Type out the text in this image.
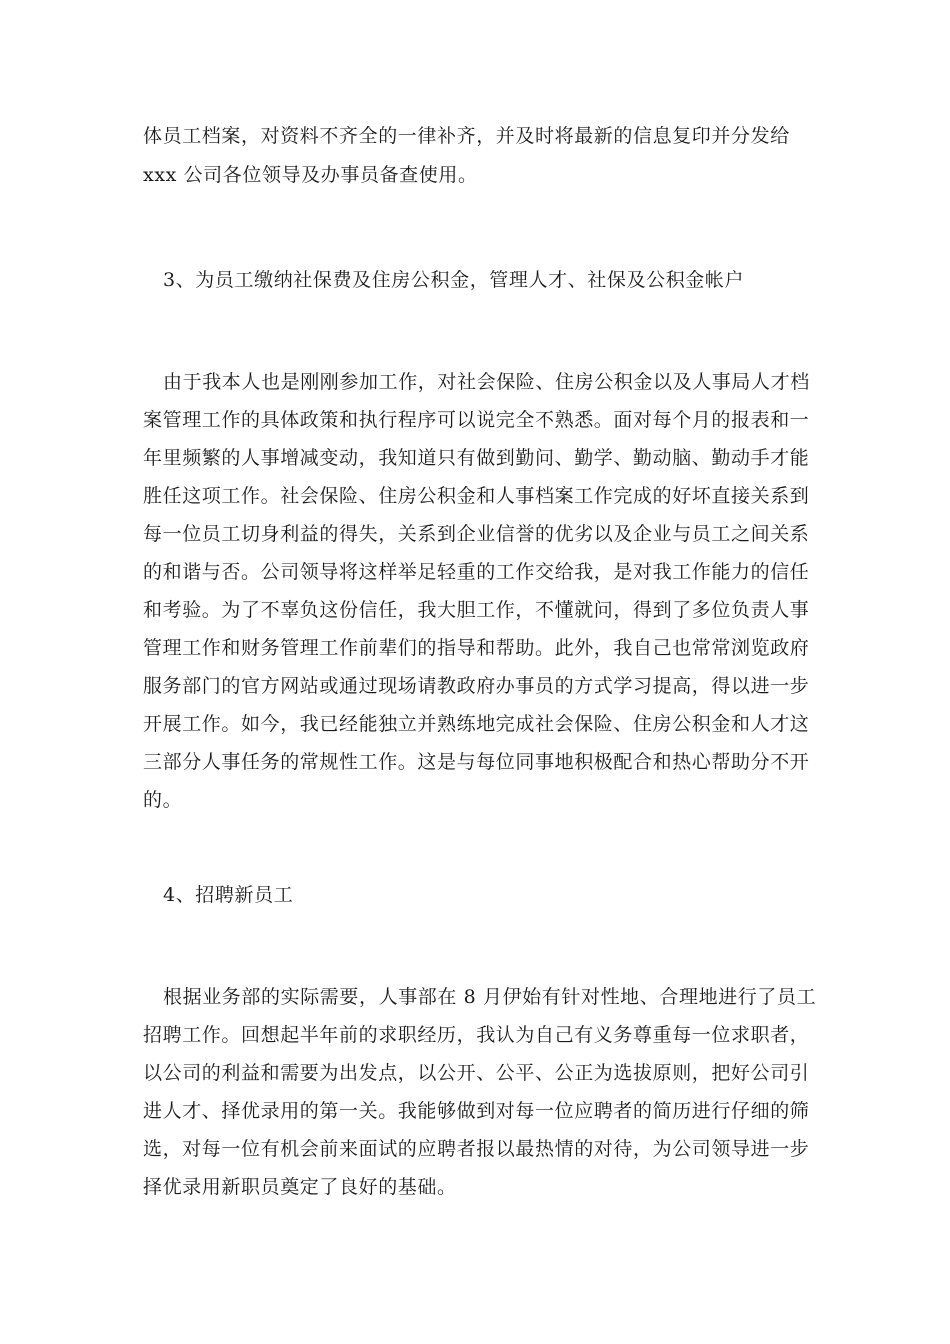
体员工档案，对资料不齐全的一律补齐，并及时将最新的信息复印并分发给
xxx 公司各位领导及办事员备查使用。
3、为员工缴纳社保费及住房公积金，管理人才、社保及公积金帐户
由于我本人也是刚刚参加工作，对社会保险、住房公积金以及人事局人才档
案管理工作的具体政策和执行程序可以说完全不熟悉。面对每个月的报表和一
年里频繁的人事增减变动，我知道只有做到勤问、勤学、勤动脑、勤动手才能
胜任这项工作。社会保险、住房公积金和人事档案工作完成的好坏直接关系到
每一位员工切身利益的得失，关系到企业信誉的优劣以及企业与员工之间关系
的和谐与否。公司领导将这样举足轻重的工作交给我，是对我工作能力的信任
和考验。为了不辜负这份信任，我大胆工作，不懂就问，得到了多位负责人事
管理工作和财务管理工作前辈们的指导和帮助。此外，我自己也常常浏览政府
服务部门的官方网站或通过现场请教政府办事员的方式学习提高，得以进一步
开展工作。如今，我已经能独立并熟练地完成社会保险、住房公积金和人才这
三部分人事任务的常规性工作。这是与每位同事地积极配合和热心帮助分不开
的。
4、招聘新员工
根据业务部的实际需要，人事部在 8 月伊始有针对性地、合理地进行了员工
招聘工作。回想起半年前的求职经历，我认为自己有义务尊重每一位求职者，
以公司的利益和需要为出发点，以公开、公平、公正为选拔原则，把好公司引
进人才、择优录用的第一关。我能够做到对每一位应聘者的简历进行仔细的筛
选，对每一位有机会前来面试的应聘者报以最热情的对待，为公司领导进一步
择优录用新职员奠定了良好的基础。
